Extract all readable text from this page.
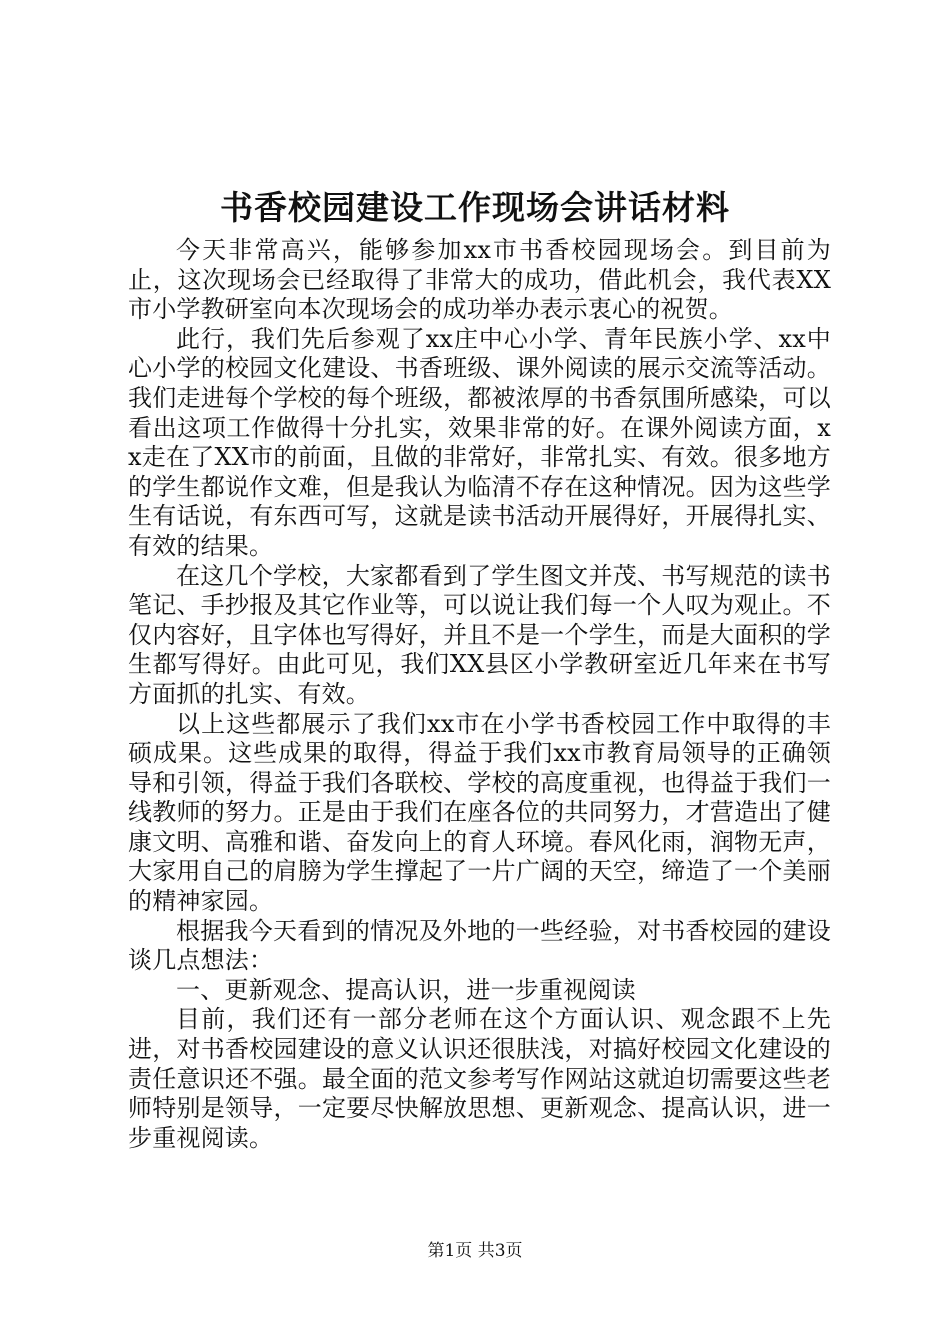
书香校园建设工作现场会讲话材料

今天非常高兴，能够参加xx市书香校园现场会。到目前为止，这次现场会已经取得了非常大的成功，借此机会，我代表XX市小学教研室向本次现场会的成功举办表示衷心的祝贺。

此行，我们先后参观了xx庄中心小学、青年民族小学、xx中心小学的校园文化建设、书香班级、课外阅读的展示交流等活动。我们走进每个学校的每个班级，都被浓厚的书香氛围所感染，可以看出这项工作做得十分扎实，效果非常的好。在课外阅读方面，xx走在了XX市的前面，且做的非常好，非常扎实、有效。很多地方的学生都说作文难，但是我认为临清不存在这种情况。因为这些学生有话说，有东西可写，这就是读书活动开展得好，开展得扎实、有效的结果。

在这几个学校，大家都看到了学生图文并茂、书写规范的读书笔记、手抄报及其它作业等，可以说让我们每一个人叹为观止。不仅内容好，且字体也写得好，并且不是一个学生，而是大面积的学生都写得好。由此可见，我们XX县区小学教研室近几年来在书写方面抓的扎实、有效。

以上这些都展示了我们xx市在小学书香校园工作中取得的丰硕成果。这些成果的取得，得益于我们xx市教育局领导的正确领导和引领，得益于我们各联校、学校的高度重视，也得益于我们一线教师的努力。正是由于我们在座各位的共同努力，才营造出了健康文明、高雅和谐、奋发向上的育人环境。春风化雨，润物无声，大家用自己的肩膀为学生撑起了一片广阔的天空，缔造了一个美丽的精神家园。

根据我今天看到的情况及外地的一些经验，对书香校园的建设谈几点想法：

一、更新观念、提高认识，进一步重视阅读

目前，我们还有一部分老师在这个方面认识、观念跟不上先进，对书香校园建设的意义认识还很肤浅，对搞好校园文化建设的责任意识还不强。最全面的范文参考写作网站这就迫切需要这些老师特别是领导，一定要尽快解放思想、更新观念、提高认识，进一步重视阅读。

第1页 共3页
